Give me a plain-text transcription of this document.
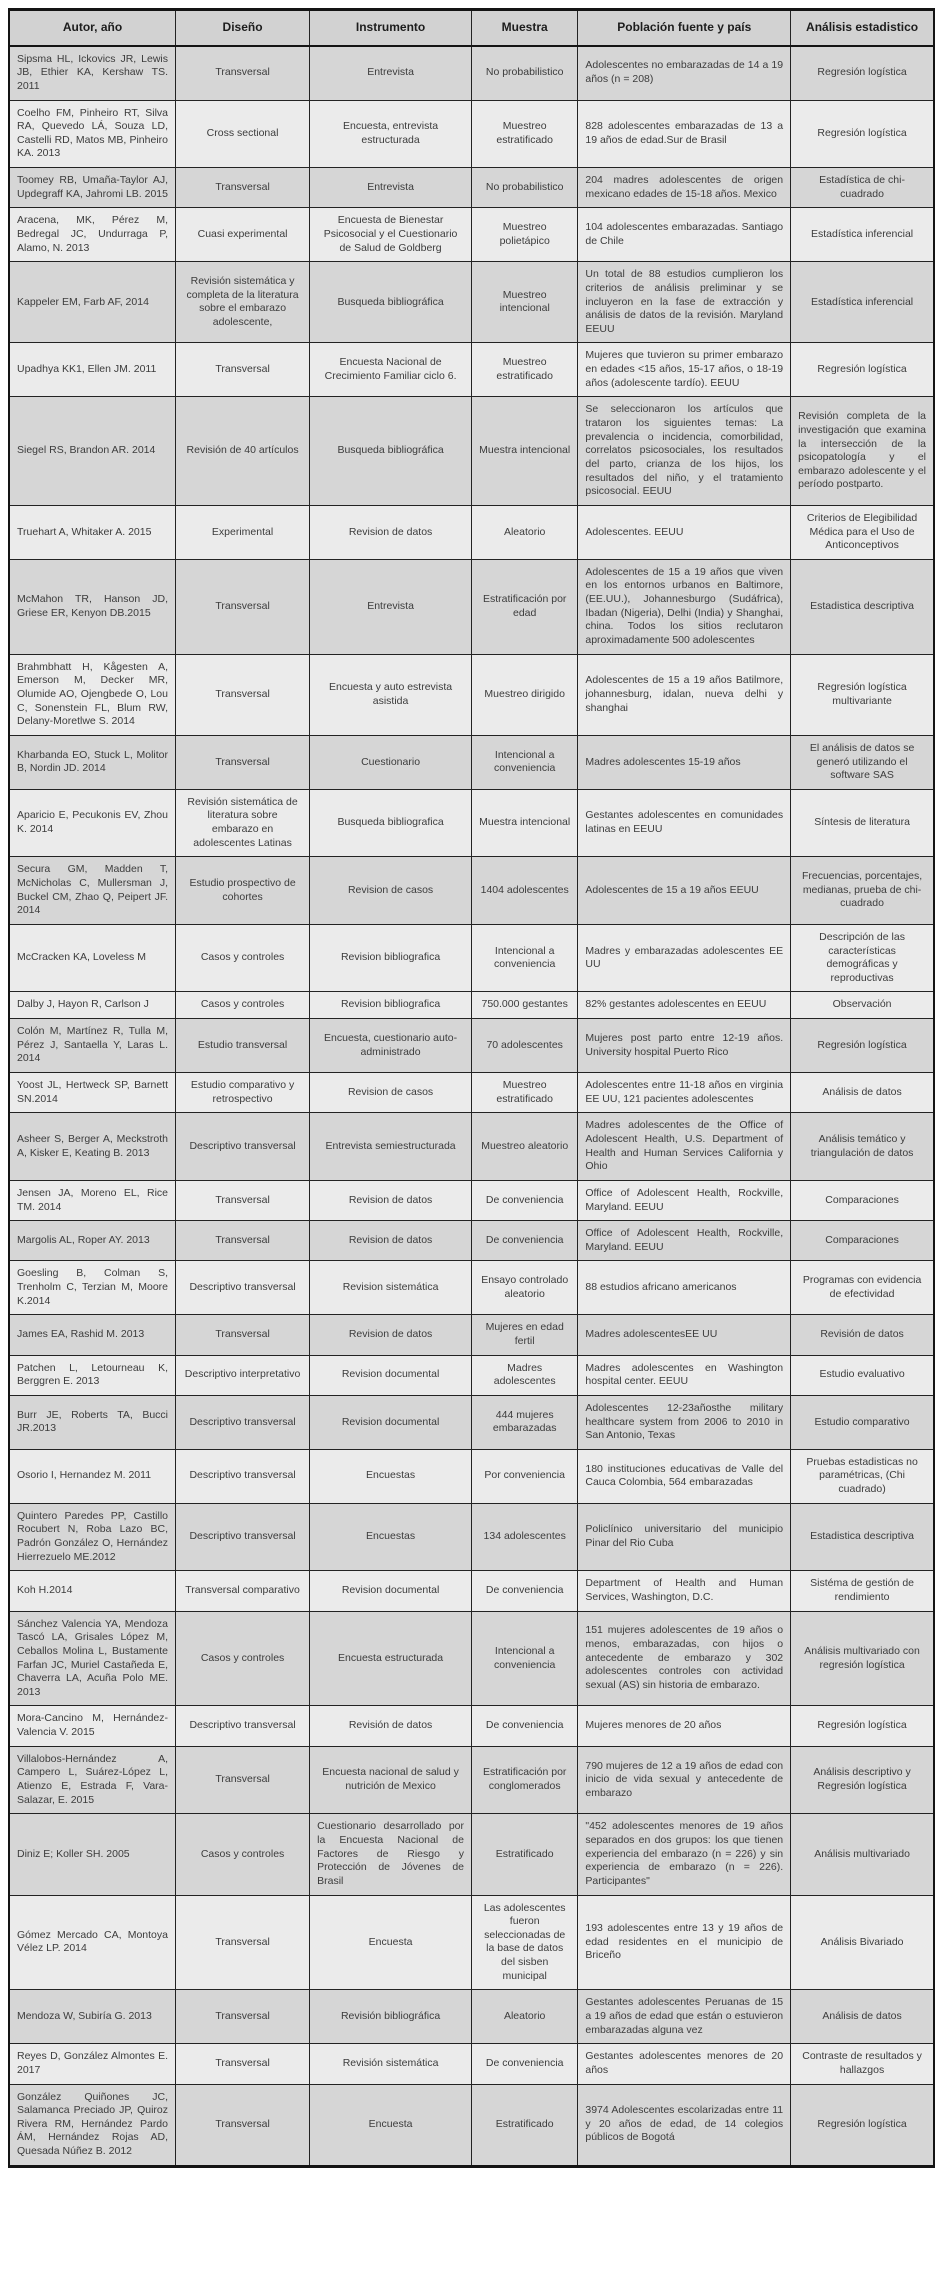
Autor, año	Diseño	Instrumento	Muestra	Población fuente y país	Análisis estadistico
Sipsma HL, Ickovics JR, Lewis JB, Ethier KA, Kershaw TS. 2011	Transversal	Entrevista	No probabilistico	Adolescentes no embarazadas de 14 a 19 años (n = 208)	Regresión logística
Coelho FM, Pinheiro RT, Silva RA, Quevedo LÁ, Souza LD, Castelli RD, Matos MB, Pinheiro KA. 2013	Cross sectional	Encuesta, entrevista estructurada	Muestreo estratificado	828 adolescentes embarazadas de 13 a 19 años de edad.Sur de Brasil	Regresión logística
Toomey RB, Umaña-Taylor AJ, Updegraff KA, Jahromi LB. 2015	Transversal	Entrevista	No probabilistico	204 madres adolescentes de origen mexicano edades de 15-18 años. Mexico	Estadística de chi-cuadrado
Aracena, MK, Pérez M, Bedregal JC, Undurraga P, Alamo, N. 2013	Cuasi experimental	Encuesta de Bienestar Psicosocial y el Cuestionario de Salud de Goldberg	Muestreo polietápico	104 adolescentes embarazadas. Santiago de Chile	Estadística inferencial
Kappeler EM, Farb AF, 2014	Revisión sistemática y completa de la literatura sobre el embarazo adolescente,	Busqueda bibliográfica	Muestreo intencional	Un total de 88 estudios cumplieron los criterios de análisis preliminar y se incluyeron en la fase de extracción y análisis de datos de la revisión. Maryland EEUU	Estadística inferencial
Upadhya KK1, Ellen JM. 2011	Transversal	Encuesta Nacional de Crecimiento Familiar ciclo 6.	Muestreo estratificado	Mujeres que tuvieron su primer embarazo en edades <15 años, 15-17 años, o 18-19 años (adolescente tardío). EEUU	Regresión logística
Siegel RS, Brandon AR. 2014	Revisión de 40 artículos	Busqueda bibliográfica	Muestra intencional	Se seleccionaron los artículos que trataron los siguientes temas: La prevalencia o incidencia, comorbilidad, correlatos psicosociales, los resultados del parto, crianza de los hijos, los resultados del niño, y el tratamiento psicosocial. EEUU	Revisión completa de la investigación que examina la intersección de la psicopatología y el embarazo adolescente y el período postparto.
Truehart A, Whitaker A. 2015	Experimental	Revision de datos	Aleatorio	Adolescentes. EEUU	Criterios de Elegibilidad Médica para el Uso de Anticonceptivos
McMahon TR, Hanson JD, Griese ER, Kenyon DB.2015	Transversal	Entrevista	Estratificación por edad	Adolescentes de 15 a 19 años que viven en los entornos urbanos en Baltimore, (EE.UU.), Johannesburgo (Sudáfrica), Ibadan (Nigeria), Delhi (India) y Shanghai, china. Todos los sitios reclutaron aproximadamente 500 adolescentes	Estadistica descriptiva
Brahmbhatt H, Kågesten A, Emerson M, Decker MR, Olumide AO, Ojengbede O, Lou C, Sonenstein FL, Blum RW, Delany-Moretlwe S. 2014	Transversal	Encuesta y auto estrevista asistida	Muestreo dirigido	Adolescentes de 15 a 19 años Batilmore, johannesburg, idalan, nueva delhi y shanghai	Regresión logística multivariante
Kharbanda EO, Stuck L, Molitor B, Nordin JD. 2014	Transversal	Cuestionario	Intencional a conveniencia	Madres adolescentes 15-19 años	El análisis de datos se generó utilizando el software SAS
Aparicio E, Pecukonis EV, Zhou K. 2014	Revisión sistemática de literatura sobre embarazo en adolescentes Latinas	Busqueda bibliografica	Muestra intencional	Gestantes adolescentes en comunidades latinas en EEUU	Síntesis de literatura
Secura GM, Madden T, McNicholas C, Mullersman J, Buckel CM, Zhao Q, Peipert JF. 2014	Estudio prospectivo de cohortes	Revision de casos	1404 adolescentes	Adolescentes de 15 a 19 años EEUU	Frecuencias, porcentajes, medianas, prueba de chi-cuadrado
McCracken KA, Loveless M	Casos y controles	Revision bibliografica	Intencional a conveniencia	Madres y embarazadas adolescentes EE UU	Descripción de las características demográficas y reproductivas
Dalby J, Hayon R, Carlson J	Casos y controles	Revision bibliografica	750.000 gestantes	82% gestantes adolescentes en EEUU	Observación
Colón M, Martínez R, Tulla M, Pérez J, Santaella Y, Laras L. 2014	Estudio transversal	Encuesta, cuestionario auto-administrado	70 adolescentes	Mujeres post parto entre 12-19 años. University hospital Puerto Rico	Regresión logística
Yoost JL, Hertweck SP, Barnett SN.2014	Estudio comparativo y retrospectivo	Revision de casos	Muestreo estratificado	Adolescentes entre 11-18 años en virginia EE UU, 121 pacientes adolescentes	Análisis de datos
Asheer S, Berger A, Meckstroth A, Kisker E, Keating B. 2013	Descriptivo transversal	Entrevista semiestructurada	Muestreo aleatorio	Madres adolescentes de the Office of Adolescent Health, U.S. Department of Health and Human Services California y Ohio	Análisis temático y triangulación de datos
Jensen JA, Moreno EL, Rice TM. 2014	Transversal	Revision de datos	De conveniencia	Office of Adolescent Health, Rockville, Maryland. EEUU	Comparaciones
Margolis AL, Roper AY. 2013	Transversal	Revision de datos	De conveniencia	Office of Adolescent Health, Rockville, Maryland. EEUU	Comparaciones
Goesling B, Colman S, Trenholm C, Terzian M, Moore K.2014	Descriptivo transversal	Revision sistemática	Ensayo controlado aleatorio	88 estudios africano americanos	Programas con evidencia de efectividad
James EA, Rashid M. 2013	Transversal	Revision de datos	Mujeres en edad fertil	Madres adolescentesEE UU	Revisión de datos
Patchen L, Letourneau K, Berggren E. 2013	Descriptivo interpretativo	Revision documental	Madres adolescentes	Madres adolescentes en Washington hospital center. EEUU	Estudio evaluativo
Burr JE, Roberts TA, Bucci JR.2013	Descriptivo transversal	Revision documental	444 mujeres embarazadas	Adolescentes 12-23añosthe military healthcare system from 2006 to 2010 in San Antonio, Texas	Estudio comparativo
Osorio I, Hernandez M. 2011	Descriptivo transversal	Encuestas	Por conveniencia	180 instituciones educativas de Valle del Cauca Colombia, 564 embarazadas	Pruebas estadisticas no paramétricas, (Chi cuadrado)
Quintero Paredes PP, Castillo Rocubert N, Roba Lazo BC, Padrón González O, Hernández Hierrezuelo ME.2012	Descriptivo transversal	Encuestas	134 adolescentes	Policlínico universitario del municipio Pinar del Rio Cuba	Estadistica descriptiva
Koh H.2014	Transversal comparativo	Revision documental	De conveniencia	Department of Health and Human Services, Washington, D.C.	Sistéma de gestión de rendimiento
Sánchez Valencia YA, Mendoza Tascó LA, Grisales López M, Ceballos Molina L, Bustamente Farfan JC, Muriel Castañeda E, Chaverra LA, Acuña Polo ME. 2013	Casos y controles	Encuesta estructurada	Intencional a conveniencia	151 mujeres adolescentes de 19 años o menos, embarazadas, con hijos o antecedente de embarazo y 302 adolescentes controles con actividad sexual (AS) sin historia de embarazo.	Análisis multivariado con regresión logística
Mora-Cancino M, Hernández-Valencia V. 2015	Descriptivo transversal	Revisión de datos	De conveniencia	Mujeres menores de 20 años	Regresión logística
Villalobos-Hernández A, Campero L, Suárez-López L, Atienzo E, Estrada F, Vara-Salazar, E. 2015	Transversal	Encuesta nacional de salud y nutrición de Mexico	Estratificación por conglomerados	790 mujeres de 12 a 19 años de edad con inicio de vida sexual y antecedente de embarazo	Análisis descriptivo y Regresión logística
Diniz E; Koller SH. 2005	Casos y controles	Cuestionario desarrollado por la Encuesta Nacional de Factores de Riesgo y Protección de Jóvenes de Brasil	Estratificado	"452 adolescentes menores de 19 años separados en dos grupos: los que tienen experiencia del embarazo (n = 226) y sin experiencia de embarazo (n = 226). Participantes"	Análisis multivariado
Gómez Mercado CA, Montoya Vélez LP. 2014	Transversal	Encuesta	Las adolescentes fueron seleccionadas de la base de datos del sisben municipal	193 adolescentes entre 13 y 19 años de edad residentes en el municipio de Briceño	Análisis Bivariado
Mendoza W, Subiría G. 2013	Transversal	Revisión bibliográfica	Aleatorio	Gestantes adolescentes Peruanas de 15 a 19 años de edad que están o estuvieron embarazadas alguna vez	Análisis de datos
Reyes D, González Almontes E. 2017	Transversal	Revisión sistemática	De conveniencia	Gestantes adolescentes menores de 20 años	Contraste de resultados y hallazgos
González Quiñones JC, Salamanca Preciado JP, Quiroz Rivera RM, Hernández Pardo ÁM, Hernández Rojas AD, Quesada Núñez B. 2012	Transversal	Encuesta	Estratificado	3974 Adolescentes escolarizadas entre 11 y 20 años de edad, de 14 colegios públicos de Bogotá	Regresión logística
